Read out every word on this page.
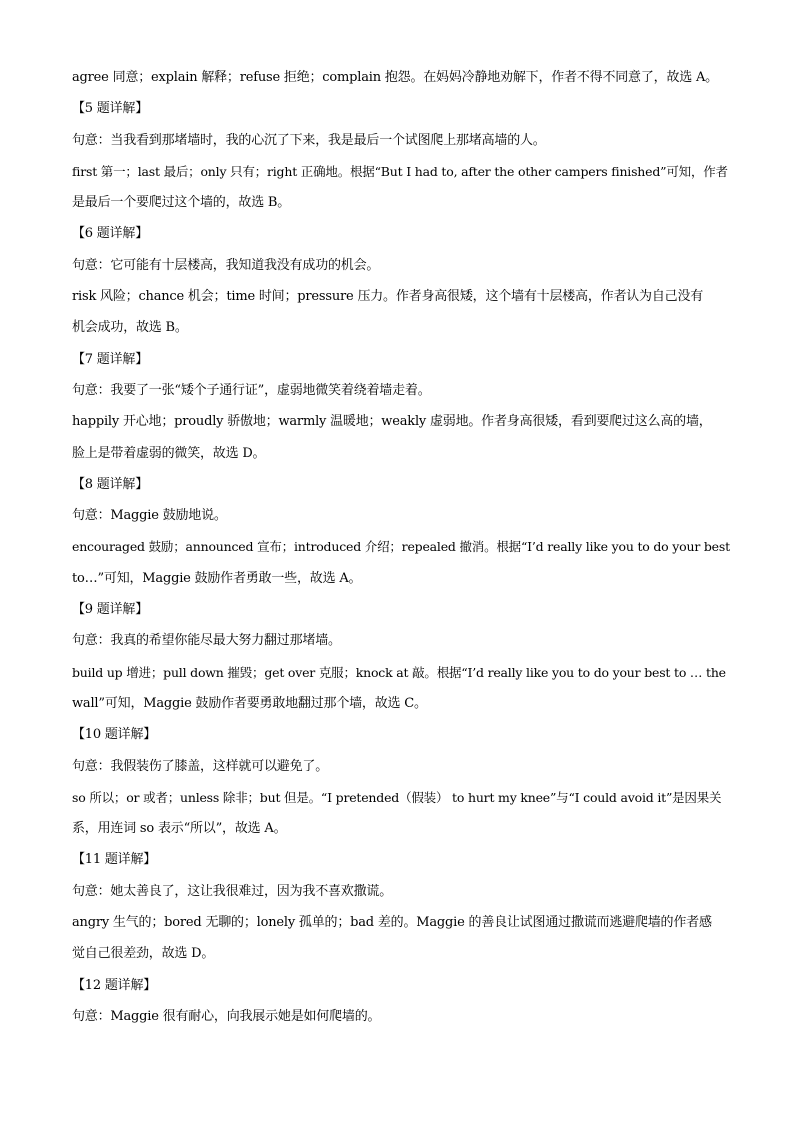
agree 同意；explain 解释；refuse 拒绝；complain 抱怨。在妈妈冷静地劝解下，作者不得不同意了，故选 A。
【5 题详解】
句意：当我看到那堵墙时，我的心沉了下来，我是最后一个试图爬上那堵高墙的人。
first 第一；last 最后；only 只有；right 正确地。根据“But I had to, after the other campers finished”可知，作者
是最后一个要爬过这个墙的，故选 B。
【6 题详解】
句意：它可能有十层楼高，我知道我没有成功的机会。
risk 风险；chance 机会；time 时间；pressure 压力。作者身高很矮，这个墙有十层楼高，作者认为自己没有
机会成功，故选 B。
【7 题详解】
句意：我要了一张“矮个子通行证”，虚弱地微笑着绕着墙走着。
happily 开心地；proudly 骄傲地；warmly 温暖地；weakly 虚弱地。作者身高很矮，看到要爬过这么高的墙，
脸上是带着虚弱的微笑，故选 D。
【8 题详解】
句意：Maggie 鼓励地说。
encouraged 鼓励；announced 宣布；introduced 介绍；repealed 撤消。根据“I’d really like you to do your best
to…”可知，Maggie 鼓励作者勇敢一些，故选 A。
【9 题详解】
句意：我真的希望你能尽最大努力翻过那堵墙。
build up 增进；pull down 摧毁；get over 克服；knock at 敲。根据“I’d really like you to do your best to … the
wall”可知，Maggie 鼓励作者要勇敢地翻过那个墙，故选 C。
【10 题详解】
句意：我假装伤了膝盖，这样就可以避免了。
so 所以；or 或者；unless 除非；but 但是。“I pretended（假装） to hurt my knee”与“I could avoid it”是因果关
系，用连词 so 表示“所以”，故选 A。
【11 题详解】
句意：她太善良了，这让我很难过，因为我不喜欢撒谎。
angry 生气的；bored 无聊的；lonely 孤单的；bad 差的。Maggie 的善良让试图通过撒谎而逃避爬墙的作者感
觉自己很差劲，故选 D。
【12 题详解】
句意：Maggie 很有耐心，向我展示她是如何爬墙的。
